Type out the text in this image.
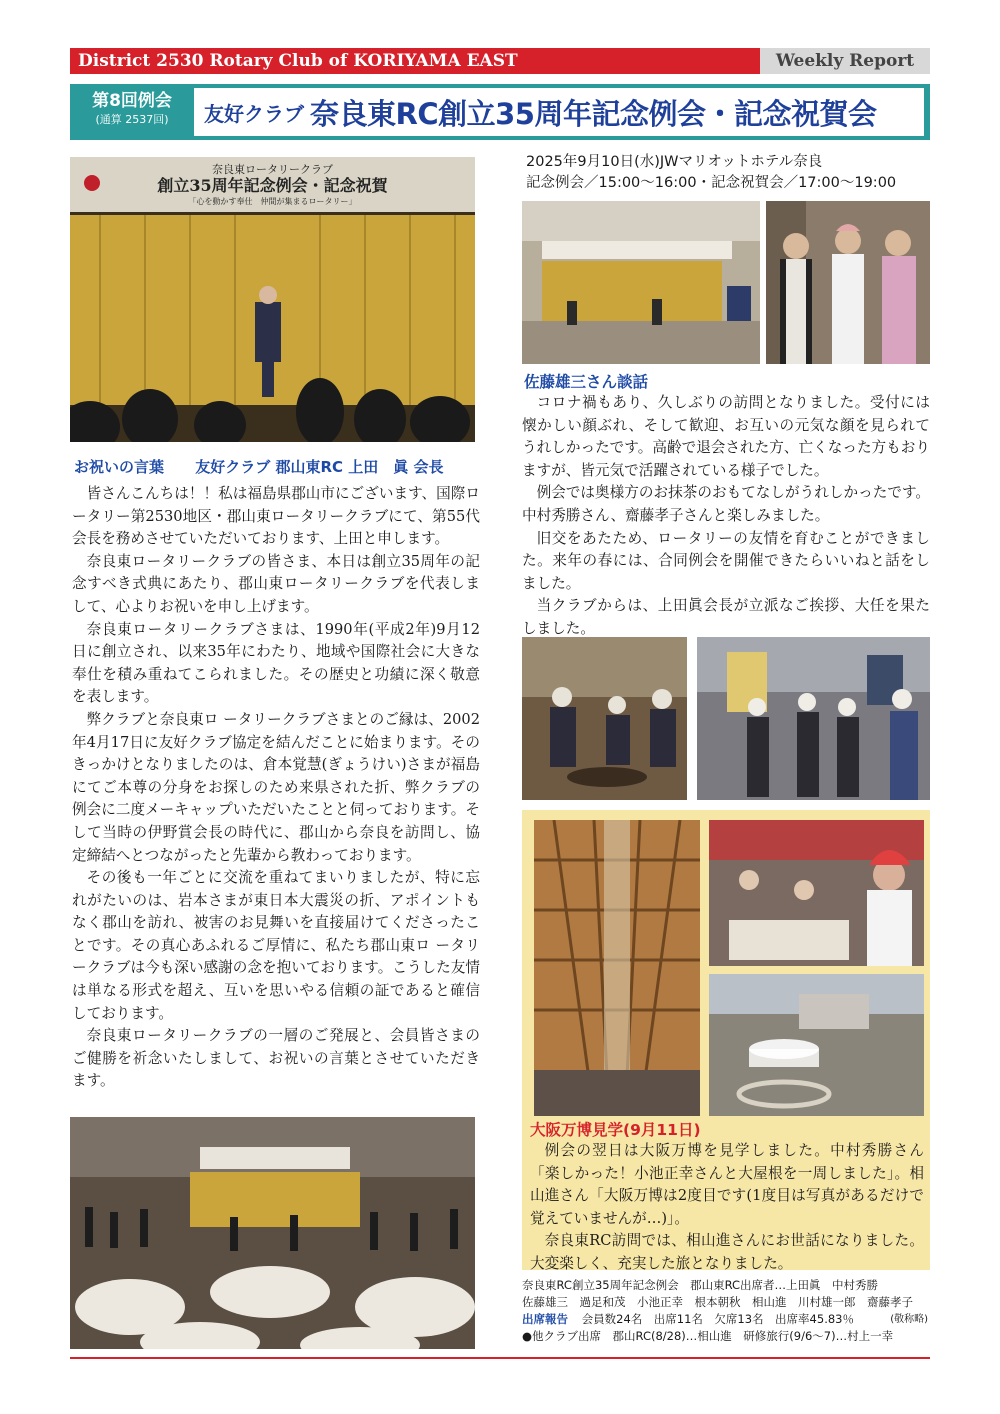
District 2530 Rotary Club of KORIYAMA EAST	Weekly Report
第8回例会
(通算 2537回)	友好クラブ 奈良東RC創立35周年記念例会・記念祝賀会
奈良東ロータリークラブ
創立35周年記念例会・記念祝賀
「心を動かす奉仕　仲間が集まるロータリー」
お祝いの言葉 友好クラブ 郡山東RC 上田　眞 会長

皆さんこんちは！！私は福島県郡山市にございます、国際ロ ータリー第2530地区・郡山東ロータリークラブにて、第55代会長を務めさせていただいております、上田と申します。

奈良東ロータリークラブの皆さま、本日は創立35周年の記念すべき式典にあたり、郡山東ロータリークラブを代表しまして、心よりお祝いを申し上げます。

奈良東ロータリークラブさまは、1990年(平成2年)9月12 日に創立され、以来35年にわたり、地域や国際社会に大きな奉仕を積み重ねてこられました。その歴史と功績に深く敬意を表します。

弊クラブと奈良東ロ ータリークラブさまとのご縁は、2002 年4月17日に友好クラブ協定を結んだことに始まります。そのきっかけとなりましたのは、倉本覚慧(ぎょうけい)さまが福島にてご本尊の分身をお探しのため来県された折、弊クラブの例会に二度メーキャップいただいたことと伺っております。そして当時の伊野賞会長の時代に、郡山から奈良を訪問し、協定締結へとつながったと先輩から教わっております。

その後も一年ごとに交流を重ねてまいりましたが、特に忘れがたいのは、岩本さまが東日本大震災の折、アポイントもなく郡山を訪れ、被害のお見舞いを直接届けてくださったことです。その真心あふれるご厚情に、私たち郡山東ロ ータリークラブは今も深い感謝の念を抱いております。こうした友情は単なる形式を超え、互いを思いやる信頼の証であると確信しております。

奈良東ロータリークラブの一層のご発展と、会員皆さまのご健勝を祈念いたしまして、お祝いの言葉とさせていただきます。

2025年9月10日(水)JWマリオットホテル奈良
記念例会／15:00〜16:00・記念祝賀会／17:00〜19:00
佐藤雄三さん談話

コロナ禍もあり、久しぶりの訪問となりました。受付には懐かしい顔ぶれ、そして歓迎、お互いの元気な顔を見られてうれしかったです。高齢で退会された方、亡くなった方もおりますが、皆元気で活躍されている様子でした。

例会では奥様方のお抹茶のおもてなしがうれしかったです。中村秀勝さん、齋藤孝子さんと楽しみました。

旧交をあたため、ロータリーの友情を育むことができました。来年の春には、合同例会を開催できたらいいねと話をしました。

当クラブからは、上田眞会長が立派なご挨拶、大任を果たしました。

大阪万博見学(9月11日)

例会の翌日は大阪万博を見学しました。中村秀勝さん「楽しかった！小池正幸さんと大屋根を一周しました」。相山進さん「大阪万博は2度目です(1度目は写真があるだけで覚えていませんが…)」。

奈良東RC訪問では、相山進さんにお世話になりました。大変楽しく、充実した旅となりました。

奈良東RC創立35周年記念例会　郡山東RC出席者…上田眞　中村秀勝
佐藤雄三　過足和茂　小池正幸　根本朝秋　相山進　川村雄一郎　齋藤孝子
出席報告 会員数24名　出席11名　欠席13名　出席率45.83％	(敬称略)
●他クラブ出席　郡山RC(8/28)…相山進　研修旅行(9/6〜7)…村上一幸
